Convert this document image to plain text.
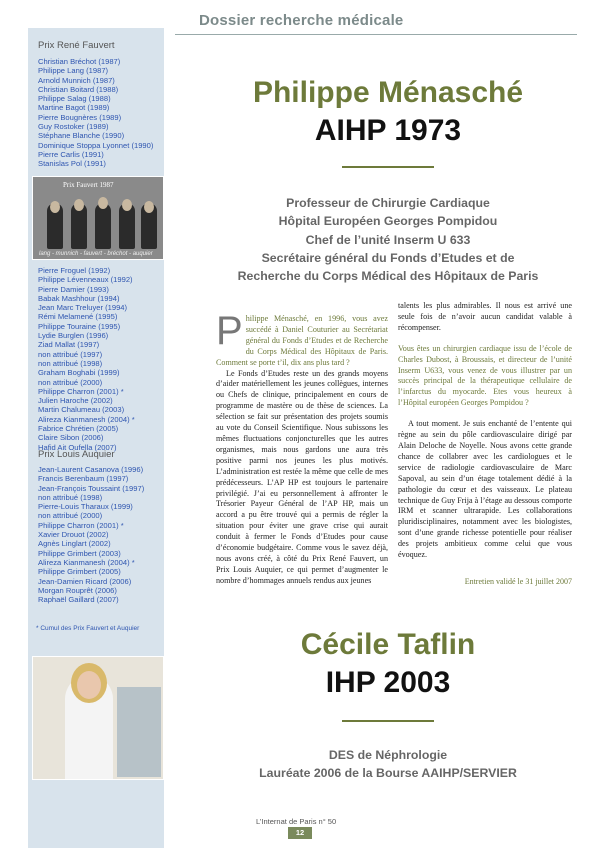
Dossier recherche médicale
Prix René Fauvert
Christian Bréchot (1987)
Philippe Lang (1987)
Arnold Munnich (1987)
Christian Boitard (1988)
Philippe Salag (1988)
Martine Bagot (1989)
Pierre Bougnères (1989)
Guy Rostoker (1989)
Stéphane Blanche (1990)
Dominique Stoppa Lyonnet (1990)
Pierre Carlis (1991)
Stanislas Pol (1991)
Prix Fauvert 1987
lang - munnich - fauvert - bréchot - auquier
Pierre Froguel (1992)
Philippe Lévenneaux (1992)
Pierre Damier (1993)
Babak Mashhour (1994)
Jean Marc Treluyer (1994)
Rémi Melamené (1995)
Philippe Touraine (1995)
Lydie Burglen (1996)
Ziad Mallat (1997)
non attribué (1997)
non attribué (1998)
Graham Boghabi (1999)
non attribué (2000)
Philippe Charron (2001) *
Julien Haroche (2002)
Martin Chalumeau (2003)
Alireza Kianmanesh (2004) *
Fabrice Chrétien (2005)
Claire Sibon (2006)
Hafid Ait Oufella (2007)
Prix Louis Auquier
Jean-Laurent Casanova (1996)
Francis Berenbaum (1997)
Jean-François Toussaint (1997)
non attribué (1998)
Pierre-Louis Tharaux (1999)
non attribué (2000)
Philippe Charron (2001) *
Xavier Drouot (2002)
Agnès Linglart (2002)
Philippe Grimbert (2003)
Alireza Kianmanesh (2004) *
Philippe Grimbert (2005)
Jean-Damien Ricard (2006)
Morgan Rouprêt (2006)
Raphaël Gaillard (2007)
* Cumul des Prix Fauvert et Auquier
Philippe Ménasché
AIHP 1973
Professeur de Chirurgie Cardiaque
Hôpital Européen Georges Pompidou
Chef de l’unité Inserm U 633
Secrétaire général du Fonds d’Etudes et de
Recherche du Corps Médical des Hôpitaux de Paris

Philippe Ménasché, en 1996, vous avez succédé à Daniel Couturier au Secrétariat général du Fonds d’Etudes et de Recherche du Corps Médical des Hôpitaux de Paris. Comment se porte t’il, dix ans plus tard ?

Le Fonds d’Etudes reste un des grands moyens d’aider matériellement les jeunes collègues, internes ou Chefs de clinique, principalement en cours de programme de mastère ou de thèse de sciences. La sélection se fait sur présentation des projets soumis au vote du Conseil Scientifique. Nous subissons les mêmes fluctuations conjoncturelles que les autres organismes, mais nous gardons une aura très positive parmi nos jeunes les plus motivés. L’administration est restée la même que celle de mes prédécesseurs. L’AP HP est toujours le partenaire privilégié. J’ai eu personnellement à affronter le Trésorier Payeur Général de l’AP HP, mais un accord a pu être trouvé qui a permis de régler la situation pour éviter une grave crise qui aurait conduit à fermer le Fonds d’Etudes pour cause d’économie budgétaire. Comme vous le savez déjà, nous avons créé, à côté du Prix René Fauvert, un Prix Louis Auquier, ce qui permet d’augmenter le nombre d’hommages annuels rendus aux jeunes

talents les plus admirables. Il nous est arrivé une seule fois de n’avoir aucun candidat valable à récompenser.

Vous êtes un chirurgien cardiaque issu de l’école de Charles Dubost, à Broussais, et directeur de l’unité Inserm U633, vous venez de vous illustrer par un succès principal de la thérapeutique cellulaire de l’infarctus du myocarde. Etes vous heureux à l’Hôpital européen Georges Pompidou ?

A tout moment. Je suis enchanté de l’entente qui règne au sein du pôle cardiovasculaire dirigé par Alain Deloche de Noyelle. Nous avons cette grande chance de collabrer avec les cardiologues et le service de radiologie cardiovasculaire de Marc Sapoval, au sein d’un étage totalement dédié à la pathologie du cœur et des vaisseaux. Le plateau technique de Guy Frija à l’étage au dessous comporte IRM et scanner ultrarapide. Les collaborations pluridisciplinaires, notamment avec les biologistes, sont d’une grande richesse potentielle pour réaliser des projets ambitieux comme celui que vous évoquez.

Entretien validé le 31 juillet 2007
Cécile Taflin
IHP 2003
DES de Néphrologie
Lauréate 2006 de la Bourse AAIHP/SERVIER
L’Internat de Paris n° 50
12
